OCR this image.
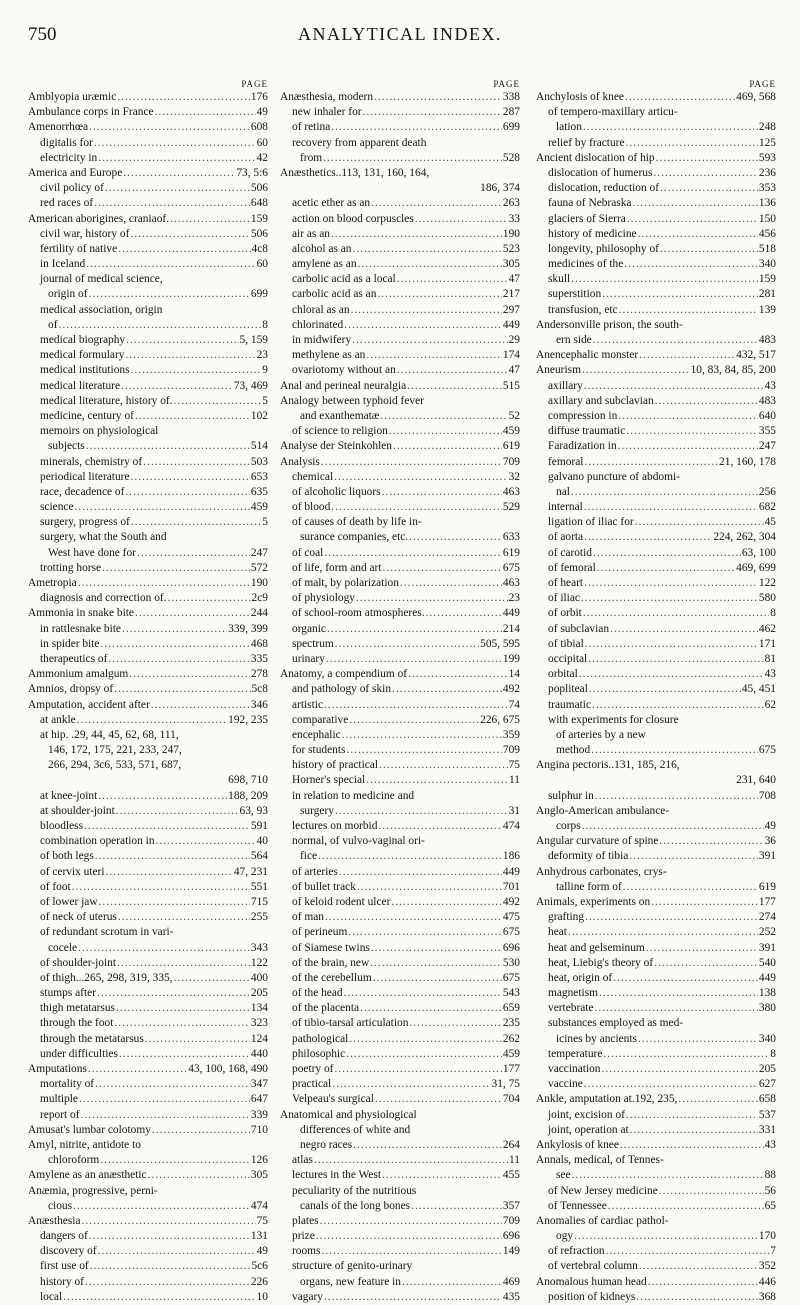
750	ANALYTICAL INDEX.
PAGE
Amblyopia uræmic .....	176
Ambulance corps in France .....	49
Amenorrhœa .....	608
digitalis for .....	60
electricity in .....	42
America and Europe .....	73, 5:6
civil policy of .....	506
red races of .....	648
American aborigines, craniaof. .....	159
civil war, history of .....	506
fertility of native .....	4c8
in Iceland .....	60
journal of medical science,
origin of .....	699
medical association, origin
of .....	8
medical biography .....	5, 159
medical formulary .....	23
medical institutions .....	9
medical literature .....	73, 469
medical literature, history of. .....	5
medicine, century of .....	102
memoirs on physiological
subjects .....	514
minerals, chemistry of .....	503
periodical literature .....	653
race, decadence of .....	635
science .....	459
surgery, progress of .....	5
surgery, what the South and
West have done for .....	247
trotting horse .....	572
Ametropia .....	190
diagnosis and correction of. .....	2c9
Ammonia in snake bite .....	244
in rattlesnake bite .....	339, 399
in spider bite .....	468
therapeutics of .....	335
Ammonium amalgum .....	278
Amnios, dropsy of .....	5c8
Amputation, accident after .....	346
at ankle .....	192, 235
at hip. .29, 44, 45, 62, 68, 111,
146, 172, 175, 221, 233, 247,
266, 294, 3c6, 533, 571, 687,
698, 710
at knee-joint .....	188, 209
at shoulder-joint .....	63, 93
bloodless .....	591
combination operation in .....	40
of both legs .....	564
of cervix uteri .....	47, 231
of foot .....	551
of lower jaw .....	715
of neck of uterus .....	255
of redundant scrotum in vari-
cocele .....	343
of shoulder-joint .....	122
of thigh...265, 298, 319, 335, .....	400
stumps after .....	205
thigh metatarsus .....	134
through the foot .....	323
through the metatarsus .....	124
under difficulties .....	440
Amputations .....	43, 100, 168, 490
mortality of .....	347
multiple .....	647
report of .....	339
Amusat's lumbar colotomy .....	710
Amyl, nitrite, antidote to
chloroform .....	126
Amylene as an anæsthetic .....	305
Anæmia, progressive, perni-
cious .....	474
Anæsthesia .....	75
dangers of .....	131
discovery of .....	49
first use of .....	5c6
history of .....	226
local .....	10
PAGE
Anæsthesia, modern .....	338
new inhaler for .....	287
of retina .....	699
recovery from apparent death
from .....	528
Anæsthetics..113, 131, 160, 164,
186, 374
acetic ether as an .....	263
action on blood corpuscles .....	33
air as an .....	190
alcohol as an .....	523
amylene as an .....	305
carbolic acid as a local .....	47
carbolic acid as an .....	217
chloral as an .....	297
chlorinated .....	449
in midwifery .....	29
methylene as an .....	174
ovariotomy without an .....	47
Anal and perineal neuralgia .....	515
Analogy between typhoid fever
and exanthematæ .....	52
of science to religion .....	459
Analyse der Steinkohlen .....	619
Analysis .....	709
chemical .....	32
of alcoholic liquors .....	463
of blood .....	529
of causes of death by life in-
surance companies, etc. .....	633
of coal .....	619
of life, form and art .....	675
of malt, by polarization .....	463
of physiology .....	23
of school-room atmospheres. .....	449
organic .....	214
spectrum .....	505, 595
urinary .....	199
Anatomy, a compendium of .....	14
and pathology of skin .....	492
artistic .....	74
comparative .....	226, 675
encephalic .....	359
for students .....	709
history of practical .....	75
Horner's special .....	11
in relation to medicine and
surgery .....	31
lectures on morbid .....	474
normal, of vulvo-vaginal ori-
fice .....	186
of arteries .....	449
of bullet track .....	701
of keloid rodent ulcer .....	492
of man .....	475
of perineum .....	675
of Siamese twins .....	696
of the brain, new .....	530
of the cerebellum .....	675
of the head .....	543
of the placenta .....	659
of tibio-tarsal articulation .....	235
pathological .....	262
philosophic .....	459
poetry of .....	177
practical .....	31, 75
Velpeau's surgical .....	704
Anatomical and physiological
differences of white and
negro races .....	264
atlas .....	11
lectures in the West .....	455
peculiarity of the nutritious
canals of the long bones .....	357
plates .....	709
prize .....	696
rooms .....	149
structure of genito-urinary
organs, new feature in .....	469
vagary .....	435
PAGE
Anchylosis of knee .....	469, 568
of tempero-maxillary articu-
lation .....	248
relief by fracture .....	125
Ancient dislocation of hip .....	593
dislocation of humerus .....	236
dislocation, reduction of .....	353
fauna of Nebraska .....	136
glaciers of Sierra .....	150
history of medicine .....	456
longevity, philosophy of .....	518
medicines of the .....	340
skull .....	159
superstition .....	281
transfusion, etc .....	139
Andersonville prison, the south-
ern side .....	483
Anencephalic monster .....	432, 517
Aneurism .....	10, 83, 84, 85, 200
axillary .....	43
axillary and subclavian .....	483
compression in .....	640
diffuse traumatic .....	355
Faradization in .....	247
femoral .....	21, 160, 178
galvano puncture of abdomi-
nal .....	256
internal .....	682
ligation of iliac for .....	45
of aorta .....	224, 262, 304
of carotid .....	63, 100
of femoral .....	469, 699
of heart .....	122
of iliac .....	580
of orbit .....	8
of subclavian .....	462
of tibial .....	171
occipital .....	81
orbital .....	43
popliteal .....	45, 451
traumatic .....	62
with experiments for closure
of arteries by a new
method .....	675
Angina pectoris..131, 185, 216,
231, 640
sulphur in .....	708
Anglo-American ambulance-
corps .....	49
Angular curvature of spine .....	36
deformity of tibia .....	391
Anhydrous carbonates, crys-
talline form of .....	619
Animals, experiments on .....	177
grafting .....	274
heat .....	252
heat and gelseminum .....	391
heat, Liebig's theory of .....	540
heat, origin of .....	449
magnetism .....	138
vertebrate .....	380
substances employed as med-
icines by ancients .....	340
temperature .....	8
vaccination .....	205
vaccine .....	627
Ankle, amputation at.192, 235, .....	658
joint, excision of .....	537
joint, operation at .....	331
Ankylosis of knee .....	43
Annals, medical, of Tennes-
see .....	88
of New Jersey medicine .....	56
of Tennessee .....	65
Anomalies of cardiac pathol-
ogy .....	170
of refraction .....	7
of vertebral column .....	352
Anomalous human head .....	446
position of kidneys .....	368
